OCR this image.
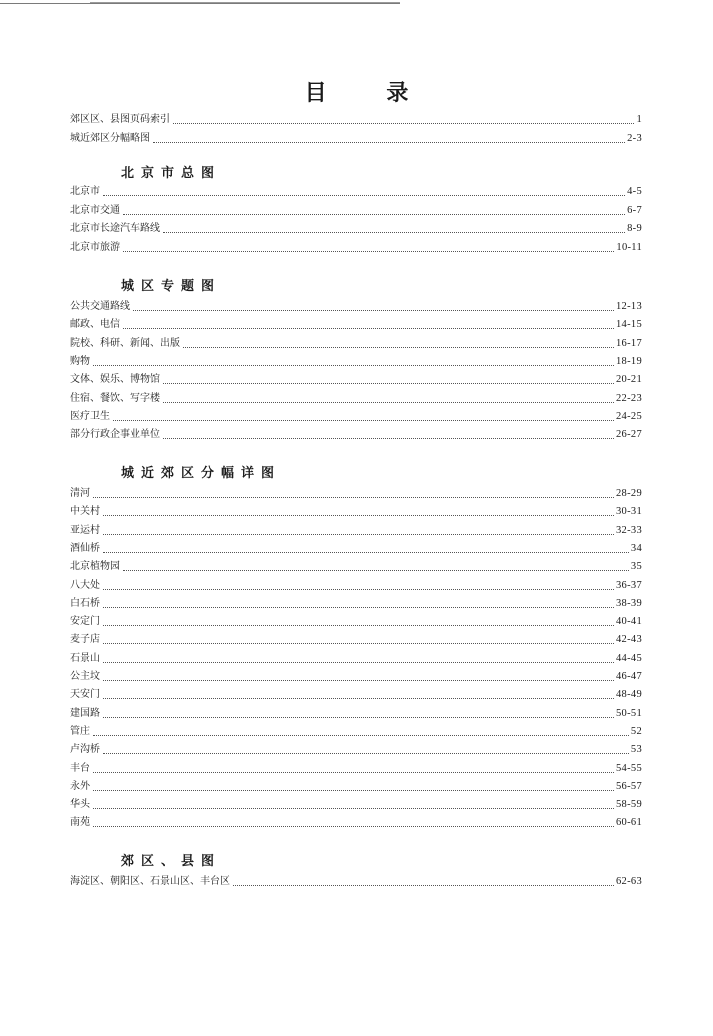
目	录
郊区区、县图页码索引	1
城近郊区分幅略图	2-3
北京市总图
北京市	4-5
北京市交通	6-7
北京市长途汽车路线	8-9
北京市旅游	10-11
城区专题图
公共交通路线	12-13
邮政、电信	14-15
院校、科研、新闻、出版	16-17
购物	18-19
文体、娱乐、博物馆	20-21
住宿、餐饮、写字楼	22-23
医疗卫生	24-25
部分行政企事业单位	26-27
城近郊区分幅详图
清河	28-29
中关村	30-31
亚运村	32-33
酒仙桥	34
北京植物园	35
八大处	36-37
白石桥	38-39
安定门	40-41
麦子店	42-43
石景山	44-45
公主坟	46-47
天安门	48-49
建国路	50-51
管庄	52
卢沟桥	53
丰台	54-55
永外	56-57
华头	58-59
南苑	60-61
郊区、县图
海淀区、朝阳区、石景山区、丰台区	62-63
